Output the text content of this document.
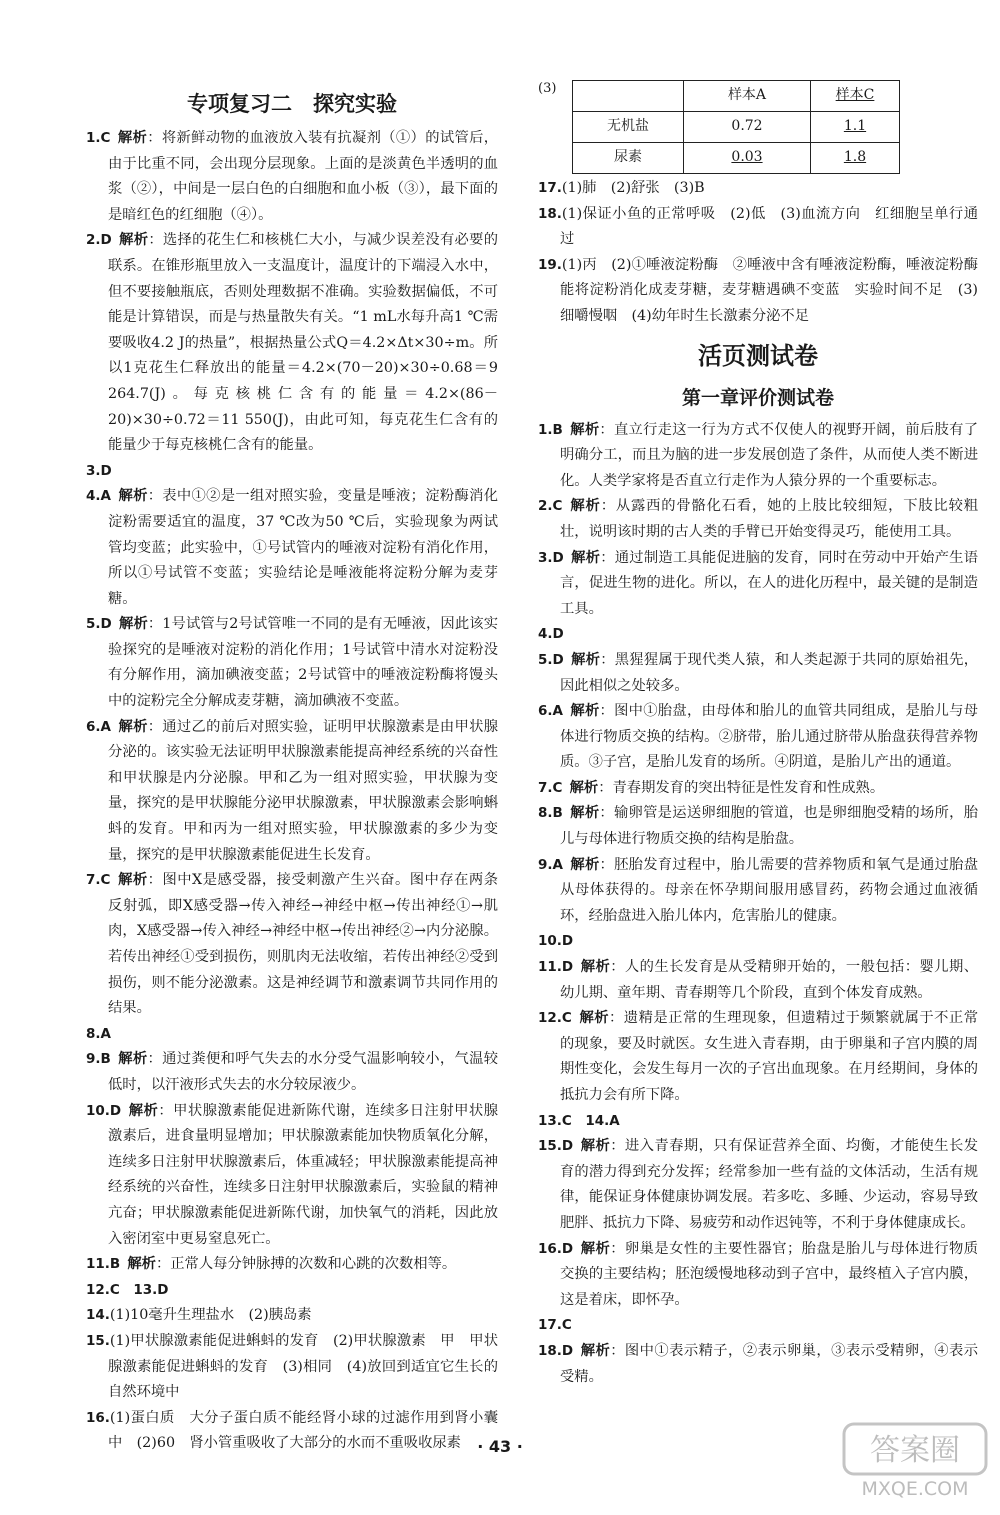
专项复习二　探究实验

1.C  解析：将新鲜动物的血液放入装有抗凝剂（①）的试管后，由于比重不同，会出现分层现象。上面的是淡黄色半透明的血浆（②），中间是一层白色的白细胞和血小板（③），最下面的是暗红色的红细胞（④）。

2.D  解析：选择的花生仁和核桃仁大小，与减少误差没有必要的联系。在锥形瓶里放入一支温度计，温度计的下端浸入水中，但不要接触瓶底，否则处理数据不准确。实验数据偏低，不可能是计算错误，而是与热量散失有关。“1 mL水每升高1 ℃需要吸收4.2 J的热量”，根据热量公式Q＝4.2×Δt×30÷m。所以1克花生仁释放出的能量＝4.2×(70－20)×30÷0.68＝9 264.7(J)。每克核桃仁含有的能量＝4.2×(86－20)×30÷0.72＝11 550(J)，由此可知，每克花生仁含有的能量少于每克核桃仁含有的能量。

3.D

4.A  解析：表中①②是一组对照实验，变量是唾液；淀粉酶消化淀粉需要适宜的温度，37 ℃改为50 ℃后，实验现象为两试管均变蓝；此实验中，①号试管内的唾液对淀粉有消化作用，所以①号试管不变蓝；实验结论是唾液能将淀粉分解为麦芽糖。

5.D  解析：1号试管与2号试管唯一不同的是有无唾液，因此该实验探究的是唾液对淀粉的消化作用；1号试管中清水对淀粉没有分解作用，滴加碘液变蓝；2号试管中的唾液淀粉酶将馒头中的淀粉完全分解成麦芽糖，滴加碘液不变蓝。

6.A  解析：通过乙的前后对照实验，证明甲状腺激素是由甲状腺分泌的。该实验无法证明甲状腺激素能提高神经系统的兴奋性和甲状腺是内分泌腺。甲和乙为一组对照实验，甲状腺为变量，探究的是甲状腺能分泌甲状腺激素，甲状腺激素会影响蝌蚪的发育。甲和丙为一组对照实验，甲状腺激素的多少为变量，探究的是甲状腺激素能促进生长发育。

7.C  解析：图中X是感受器，接受刺激产生兴奋。图中存在两条反射弧，即X感受器→传入神经→神经中枢→传出神经①→肌肉，X感受器→传入神经→神经中枢→传出神经②→内分泌腺。若传出神经①受到损伤，则肌肉无法收缩，若传出神经②受到损伤，则不能分泌激素。这是神经调节和激素调节共同作用的结果。

8.A

9.B  解析：通过粪便和呼气失去的水分受气温影响较小，气温较低时，以汗液形式失去的水分较尿液少。

10.D  解析：甲状腺激素能促进新陈代谢，连续多日注射甲状腺激素后，进食量明显增加；甲状腺激素能加快物质氧化分解，连续多日注射甲状腺激素后，体重减轻；甲状腺激素能提高神经系统的兴奋性，连续多日注射甲状腺激素后，实验鼠的精神亢奋；甲状腺激素能促进新陈代谢，加快氧气的消耗，因此放入密闭室中更易窒息死亡。

11.B  解析：正常人每分钟脉搏的次数和心跳的次数相等。

12.C　13.D

14.(1)10毫升生理盐水　(2)胰岛素

15.(1)甲状腺激素能促进蝌蚪的发育　(2)甲状腺激素　甲　甲状腺激素能促进蝌蚪的发育　(3)相同　(4)放回到适宜它生长的自然环境中

16.(1)蛋白质　大分子蛋白质不能经肾小球的过滤作用到肾小囊中　(2)60　肾小管重吸收了大部分的水而不重吸收尿素

(3)
		样本A	样本C
无机盐	0.72	1.1
尿素	0.03	1.8

17.(1)肺　(2)舒张　(3)B

18.(1)保证小鱼的正常呼吸　(2)低　(3)血流方向　红细胞呈单行通过

19.(1)丙　(2)①唾液淀粉酶　②唾液中含有唾液淀粉酶，唾液淀粉酶能将淀粉消化成麦芽糖，麦芽糖遇碘不变蓝　实验时间不足　(3)细嚼慢咽　(4)幼年时生长激素分泌不足

活页测试卷
第一章评价测试卷

1.B  解析：直立行走这一行为方式不仅使人的视野开阔，前后肢有了明确分工，而且为脑的进一步发展创造了条件，从而使人类不断进化。人类学家将是否直立行走作为人猿分界的一个重要标志。

2.C  解析：从露西的骨骼化石看，她的上肢比较细短，下肢比较粗壮，说明该时期的古人类的手臂已开始变得灵巧，能使用工具。

3.D  解析：通过制造工具能促进脑的发育，同时在劳动中开始产生语言，促进生物的进化。所以，在人的进化历程中，最关键的是制造工具。

4.D

5.D  解析：黑猩猩属于现代类人猿，和人类起源于共同的原始祖先，因此相似之处较多。

6.A  解析：图中①胎盘，由母体和胎儿的血管共同组成，是胎儿与母体进行物质交换的结构。②脐带，胎儿通过脐带从胎盘获得营养物质。③子宫，是胎儿发育的场所。④阴道，是胎儿产出的通道。

7.C  解析：青春期发育的突出特征是性发育和性成熟。

8.B  解析：输卵管是运送卵细胞的管道，也是卵细胞受精的场所，胎儿与母体进行物质交换的结构是胎盘。

9.A  解析：胚胎发育过程中，胎儿需要的营养物质和氧气是通过胎盘从母体获得的。母亲在怀孕期间服用感冒药，药物会通过血液循环，经胎盘进入胎儿体内，危害胎儿的健康。

10.D

11.D  解析：人的生长发育是从受精卵开始的，一般包括：婴儿期、幼儿期、童年期、青春期等几个阶段，直到个体发育成熟。

12.C  解析：遗精是正常的生理现象，但遗精过于频繁就属于不正常的现象，要及时就医。女生进入青春期，由于卵巢和子宫内膜的周期性变化，会发生每月一次的子宫出血现象。在月经期间，身体的抵抗力会有所下降。

13.C　14.A

15.D  解析：进入青春期，只有保证营养全面、均衡，才能使生长发育的潜力得到充分发挥；经常参加一些有益的文体活动，生活有规律，能保证身体健康协调发展。若多吃、多睡、少运动，容易导致肥胖、抵抗力下降、易疲劳和动作迟钝等，不利于身体健康成长。

16.D  解析：卵巢是女性的主要性器官；胎盘是胎儿与母体进行物质交换的主要结构；胚泡缓慢地移动到子宫中，最终植入子宫内膜，这是着床，即怀孕。

17.C

18.D  解析：图中①表示精子，②表示卵巢，③表示受精卵，④表示受精。

· 43 ·	答案圈
MXQE.COM
